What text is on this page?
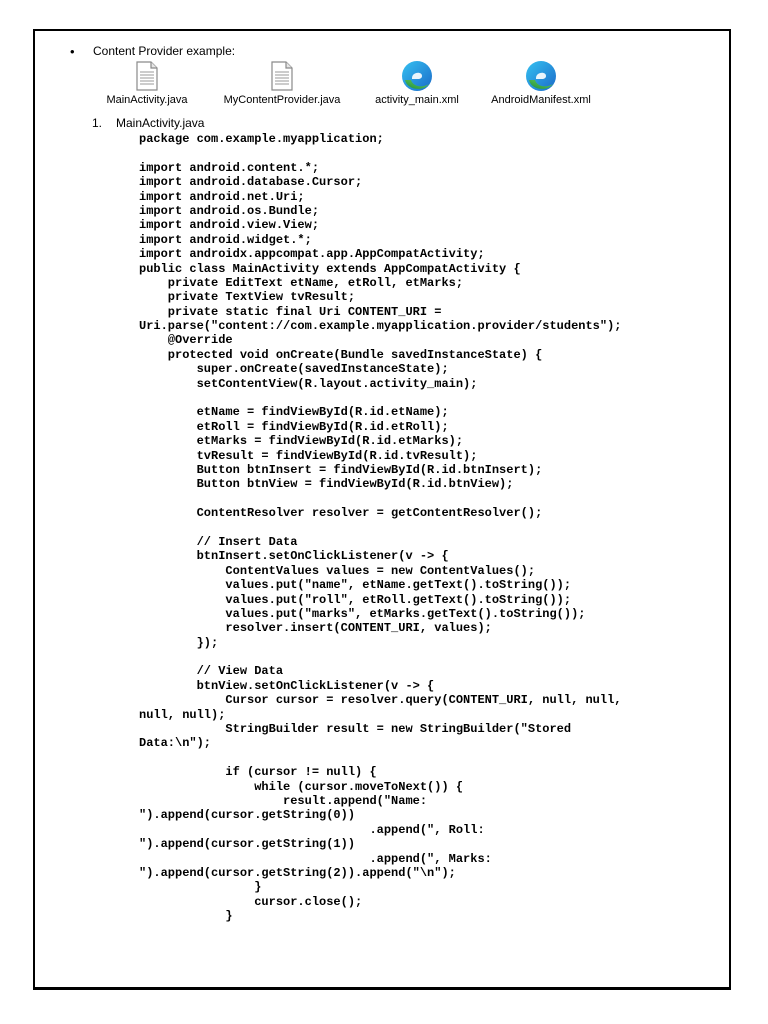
• Content Provider example:
MainActivity.java	MyContentProvider.java	activity_main.xml	AndroidManifest.xml
1. MainActivity.java
package com.example.myapplication;
import android.content.*;
import android.database.Cursor;
import android.net.Uri;
import android.os.Bundle;
import android.view.View;
import android.widget.*;
import androidx.appcompat.app.AppCompatActivity;
public class MainActivity extends AppCompatActivity {
private EditText etName, etRoll, etMarks;
private TextView tvResult;
private static final Uri CONTENT_URI =
Uri.parse("content://com.example.myapplication.provider/students");
@Override
protected void onCreate(Bundle savedInstanceState) {
super.onCreate(savedInstanceState);
setContentView(R.layout.activity_main);
etName = findViewById(R.id.etName);
etRoll = findViewById(R.id.etRoll);
etMarks = findViewById(R.id.etMarks);
tvResult = findViewById(R.id.tvResult);
Button btnInsert = findViewById(R.id.btnInsert);
Button btnView = findViewById(R.id.btnView);
ContentResolver resolver = getContentResolver();
// Insert Data
btnInsert.setOnClickListener(v -> {
ContentValues values = new ContentValues();
values.put("name", etName.getText().toString());
values.put("roll", etRoll.getText().toString());
values.put("marks", etMarks.getText().toString());
resolver.insert(CONTENT_URI, values);
});
// View Data
btnView.setOnClickListener(v -> {
Cursor cursor = resolver.query(CONTENT_URI, null, null,
null, null);
StringBuilder result = new StringBuilder("Stored
Data:\n");
if (cursor != null) {
while (cursor.moveToNext()) {
result.append("Name:
").append(cursor.getString(0))
.append(", Roll:
").append(cursor.getString(1))
.append(", Marks:
").append(cursor.getString(2)).append("\n");
}
cursor.close();
}
